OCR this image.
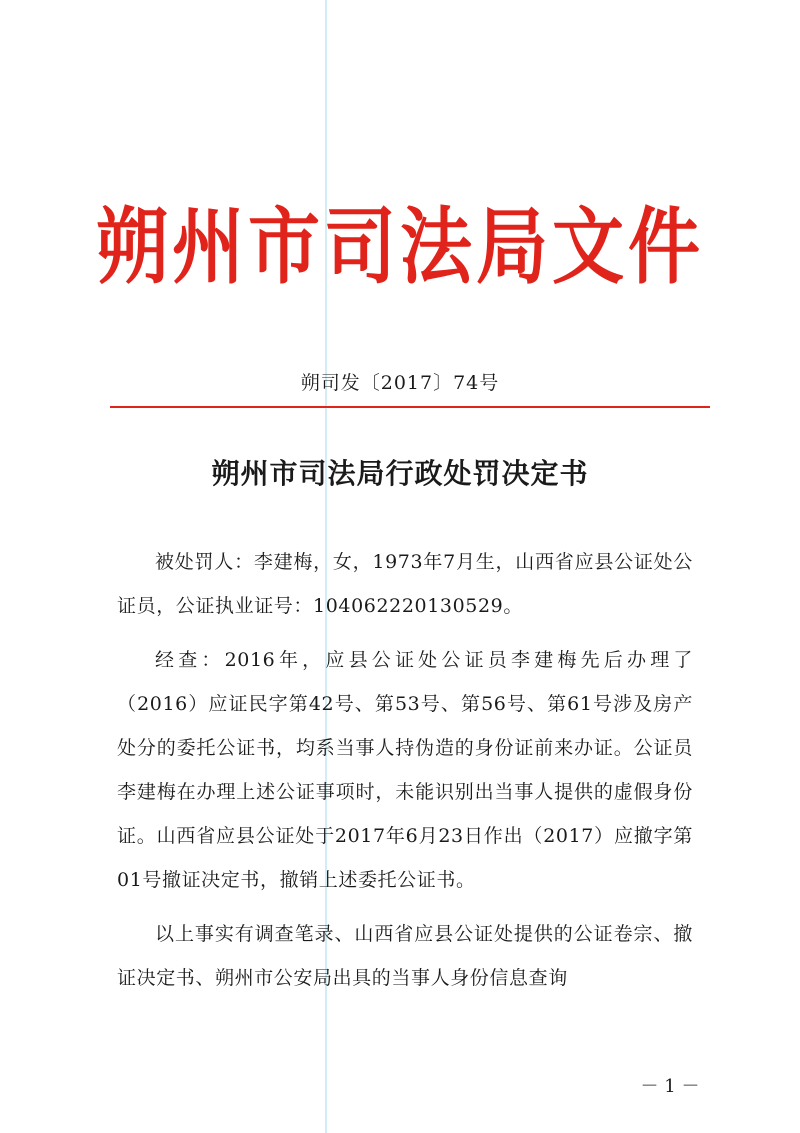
朔州市司法局文件
朔司发〔2017〕74号
朔州市司法局行政处罚决定书

被处罚人：李建梅，女，1973年7月生，山西省应县公证处公证员，公证执业证号：104062220130529。

经查：2016年，应县公证处公证员李建梅先后办理了（2016）应证民字第42号、第53号、第56号、第61号涉及房产处分的委托公证书，均系当事人持伪造的身份证前来办证。公证员李建梅在办理上述公证事项时，未能识别出当事人提供的虚假身份证。山西省应县公证处于2017年6月23日作出（2017）应撤字第01号撤证决定书，撤销上述委托公证书。

以上事实有调查笔录、山西省应县公证处提供的公证卷宗、撤证决定书、朔州市公安局出具的当事人身份信息查询

－ 1 －
